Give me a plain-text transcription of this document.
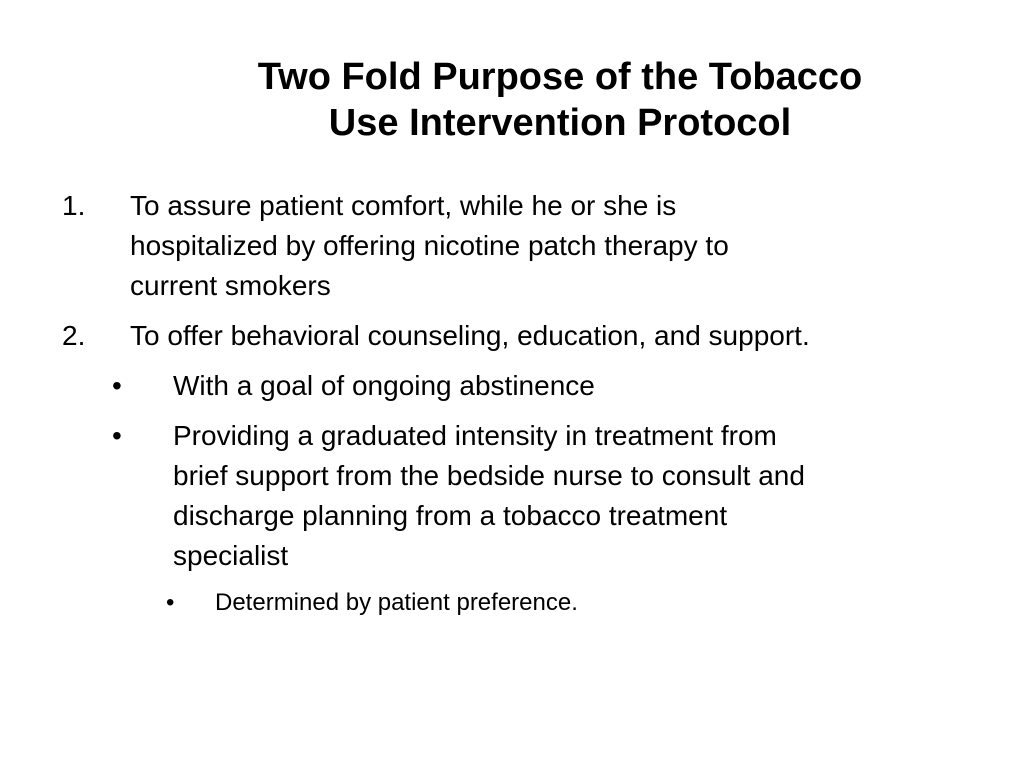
Two Fold Purpose of the Tobacco
Use Intervention Protocol
1. To assure patient comfort, while he or she is
hospitalized by offering nicotine patch therapy to
current smokers
2. To offer behavioral counseling, education, and support.
• With a goal of ongoing abstinence
• Providing a graduated intensity in treatment from
brief support from the bedside nurse to consult and
discharge planning from a tobacco treatment
specialist
• Determined by patient preference.
